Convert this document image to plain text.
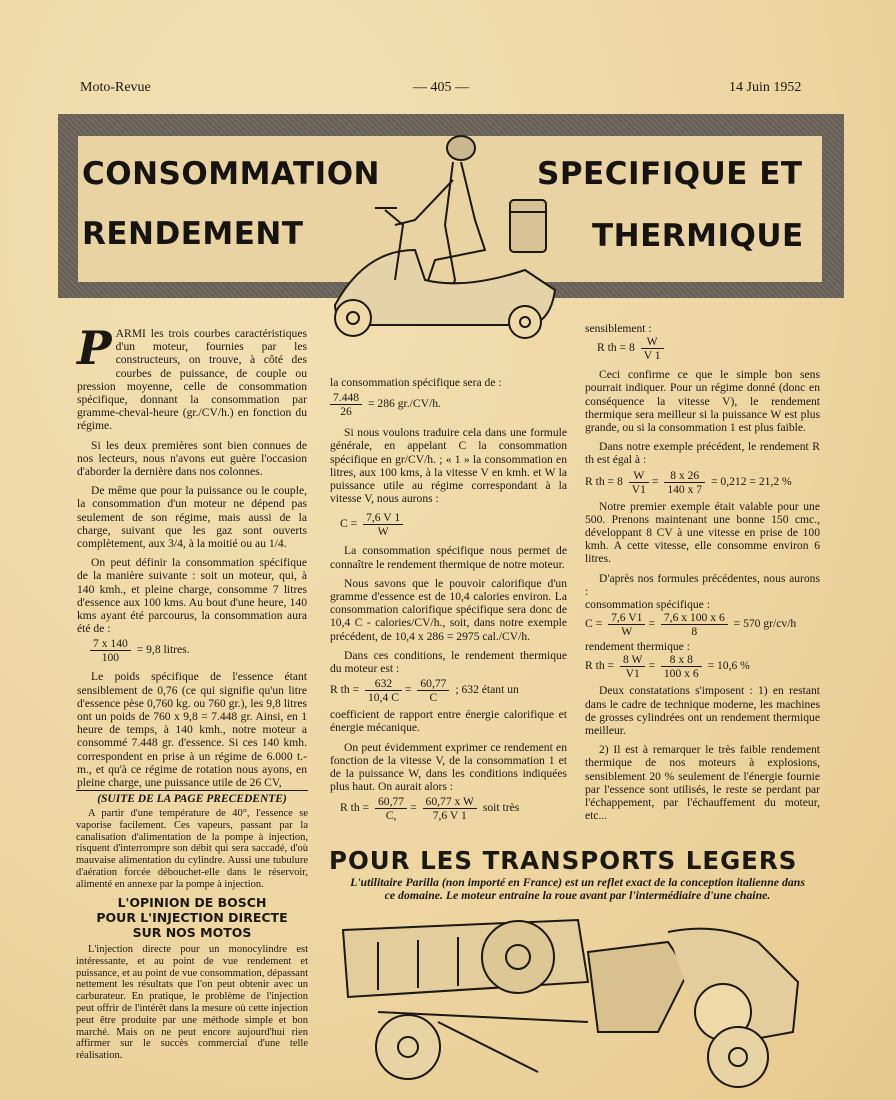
Moto-Revue	— 405 —	14 Juin 1952
CONSOMMATION	SPECIFIQUE ET
RENDEMENT	THERMIQUE

PARMI les trois courbes caractéristiques d'un moteur, fournies par les constructeurs, on trouve, à côté des courbes de puissance, de couple ou pression moyenne, celle de consommation spécifique, donnant la consommation par gramme-cheval-heure (gr./CV/h.) en fonction du régime.

Si les deux premières sont bien connues de nos lecteurs, nous n'avons eut guère l'occasion d'aborder la dernière dans nos colonnes.

De même que pour la puissance ou le couple, la consommation d'un moteur ne dépend pas seulement de son régime, mais aussi de la charge, suivant que les gaz sont ouverts complètement, aux 3/4, à la moitié ou au 1/4.

On peut définir la consommation spécifique de la manière suivante : soit un moteur, qui, à 140 kmh., et pleine charge, consomme 7 litres d'essence aux 100 kms. Au bout d'une heure, 140 kms ayant été parcourus, la consommation aura été de :

$\frac{7 x 140}{100} = 9,8$ litres.

Le poids spécifique de l'essence étant sensiblement de 0,76 (ce qui signifie qu'un litre d'essence pèse 0,760 kg. ou 760 gr.), les 9,8 litres ont un poids de 760 x 9,8 = 7.448 gr. Ainsi, en 1 heure de temps, à 140 kmh., notre moteur a consommé 7.448 gr. d'essence. Si ces 140 kmh. correspondent en prise à un régime de 6.000 t.-m., et qu'à ce régime de rotation nous ayons, en pleine charge, une puissance utile de 26 CV,

(SUITE DE LA PAGE PRECEDENTE)

A partir d'une température de 40°, l'essence se vaporise facilement. Ces vapeurs, passant par la canalisation d'alimentation de la pompe à injection, risquent d'interrompre son débit qui sera saccadé, d'où mauvaise alimentation du cylindre. Aussi une tubulure d'aération forcée débouchet-elle dans le réservoir, alimenté en annexe par la pompe à injection.

L'OPINION DE BOSCH
POUR L'INJECTION DIRECTE
SUR NOS MOTOS

L'injection directe pour un monocylindre est intéressante, et au point de vue rendement et puissance, et au point de vue consommation, dépassant nettement les résultats que l'on peut obtenir avec un carburateur. En pratique, le problème de l'injection peut offrir de l'intérêt dans la mesure où cette injection peut être produite par une méthode simple et bon marché. Mais on ne peut encore aujourd'hui rien affirmer sur le succès commercial d'une telle réalisation.

la consommation spécifique sera de :
$\frac{7.448}{26} = 286$ gr./CV/h.

Si nous voulons traduire cela dans une formule générale, en appelant C la consommation spécifique en gr/CV/h. ; « 1 » la consommation en litres, aux 100 kms, à la vitesse V en kmh. et W la puissance utile au régime correspondant à la vitesse V, nous aurons :

$C = \frac{7,6 V 1}{W}$

La consommation spécifique nous permet de connaître le rendement thermique de notre moteur.

Nous savons que le pouvoir calorifique d'un gramme d'essence est de 10,4 calories environ. La consommation calorifique spécifique sera donc de 10,4 C - calories/CV/h., soit, dans notre exemple précédent, de 10,4 x 286 = 2975 cal./CV/h.

Dans ces conditions, le rendement thermique du moteur est :

R th = $\frac{632}{10,4 C} = \frac{60,77}{C}$ ; 632 étant un

coefficient de rapport entre énergie calorifique et énergie mécanique.

On peut évidemment exprimer ce rendement en fonction de la vitesse V, de la consommation 1 et de la puissance W, dans les conditions indiquées plus haut. On aurait alors :

R th = $\frac{60,77}{C,} = \frac{\text{60,77 x W}}{7,6 V 1}$ soit très
sensiblement :
R th = $8 \frac{W}{V 1}$

Ceci confirme ce que le simple bon sens pourrait indiquer. Pour un régime donné (donc en conséquence la vitesse V), le rendement thermique sera meilleur si la puissance W est plus grande, ou si la consommation 1 est plus faible.

Dans notre exemple précédent, le rendement R th est égal à :

R th = $8 \frac{W}{V1} = \frac{8 x 26}{140 x 7} = 0,212 = 21,2$ %

Notre premier exemple était valable pour une 500. Prenons maintenant une bonne 150 cmc., développant 8 CV à une vitesse en prise de 100 kmh. A cette vitesse, elle consomme environ 6 litres.

D'après nos formules précédentes, nous aurons :

consommation spécifique :
$C = \frac{7,6 V1}{W} = \frac{7,6 x 100 x 6}{8} = 570$ gr/cv/h
rendement thermique :
R th = $\frac{8 W}{V1} = \frac{8 x 8}{100 x 6} = 10,6$ %

Deux constatations s'imposent : 1) en restant dans le cadre de technique moderne, les machines de grosses cylindrées ont un rendement thermique meilleur.

2) Il est à remarquer le très faible rendement thermique de nos moteurs à explosions, sensiblement 20 % seulement de l'énergie fournie par l'essence sont utilisés, le reste se perdant par l'échappement, par l'échauffement du moteur, etc...

POUR LES TRANSPORTS LEGERS
L'utilitaire Parilla (non importé en France) est un reflet exact de la conception italienne dans ce domaine. Le moteur entraine la roue avant par l'intermédiaire d'une chaine.
